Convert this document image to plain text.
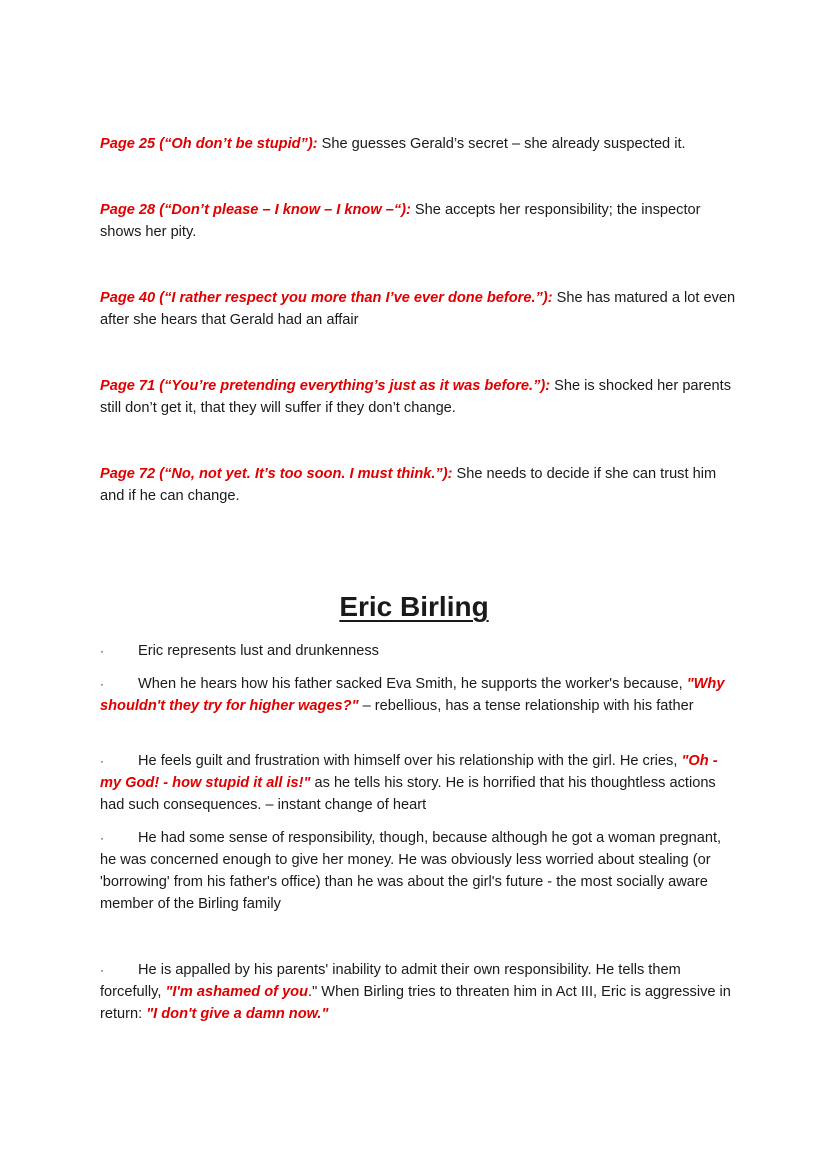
Page 25 (“Oh don’t be stupid”): She guesses Gerald’s secret – she already suspected it.

Page 28 (“Don’t please – I know – I know –“): She accepts her responsibility; the inspector shows her pity.

Page 40 (“I rather respect you more than I’ve ever done before.”): She has matured a lot even after she hears that Gerald had an affair

Page 71 (“You’re pretending everything’s just as it was before.”): She is shocked her parents still don’t get it, that they will suffer if they don’t change.

Page 72 (“No, not yet. It’s too soon. I must think.”): She needs to decide if she can trust him and if he can change.

Eric Birling

· Eric represents lust and drunkenness

· When he hears how his father sacked Eva Smith, he supports the worker's because, "Why shouldn't they try for higher wages?" – rebellious, has a tense relationship with his father

· He feels guilt and frustration with himself over his relationship with the girl. He cries, "Oh - my God! - how stupid it all is!" as he tells his story. He is horrified that his thoughtless actions had such consequences. – instant change of heart

· He had some sense of responsibility, though, because although he got a woman pregnant, he was concerned enough to give her money. He was obviously less worried about stealing (or 'borrowing' from his father's office) than he was about the girl's future - the most socially aware member of the Birling family

· He is appalled by his parents' inability to admit their own responsibility. He tells them forcefully, "I'm ashamed of you." When Birling tries to threaten him in Act III, Eric is aggressive in return: "I don't give a damn now."
